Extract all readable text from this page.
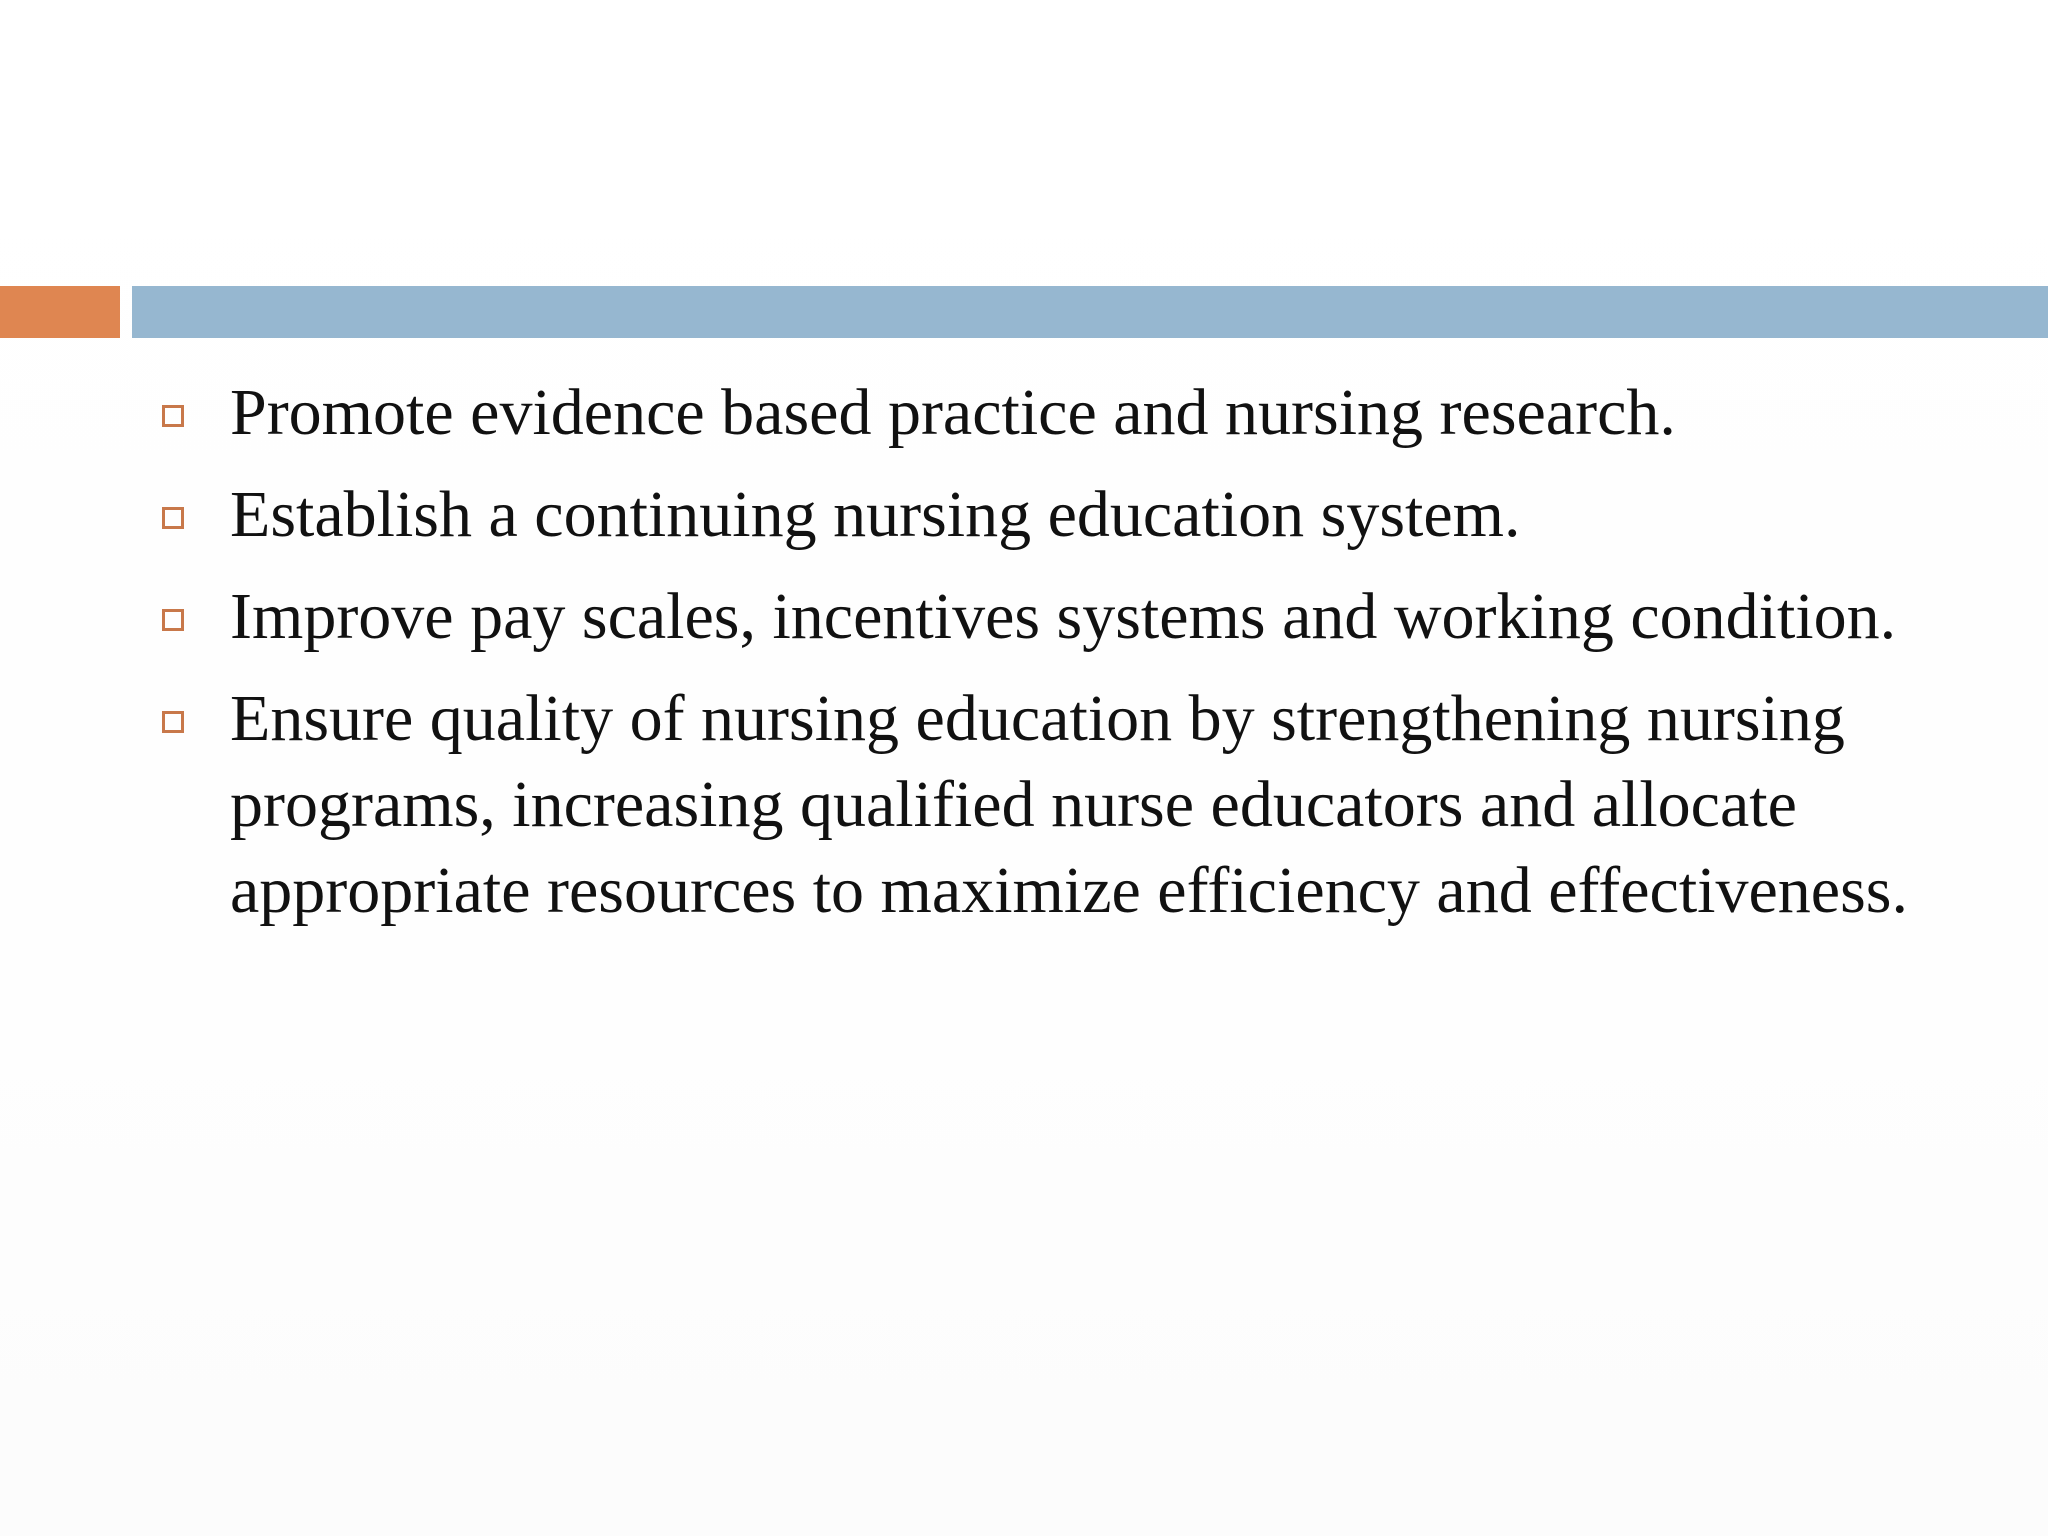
Promote evidence based practice and nursing research.
Establish a continuing nursing education system.
Improve pay scales, incentives systems and working condition.
Ensure quality of nursing education by strengthening nursing programs, increasing qualified nurse educators and allocate appropriate resources to maximize efficiency and effectiveness.
